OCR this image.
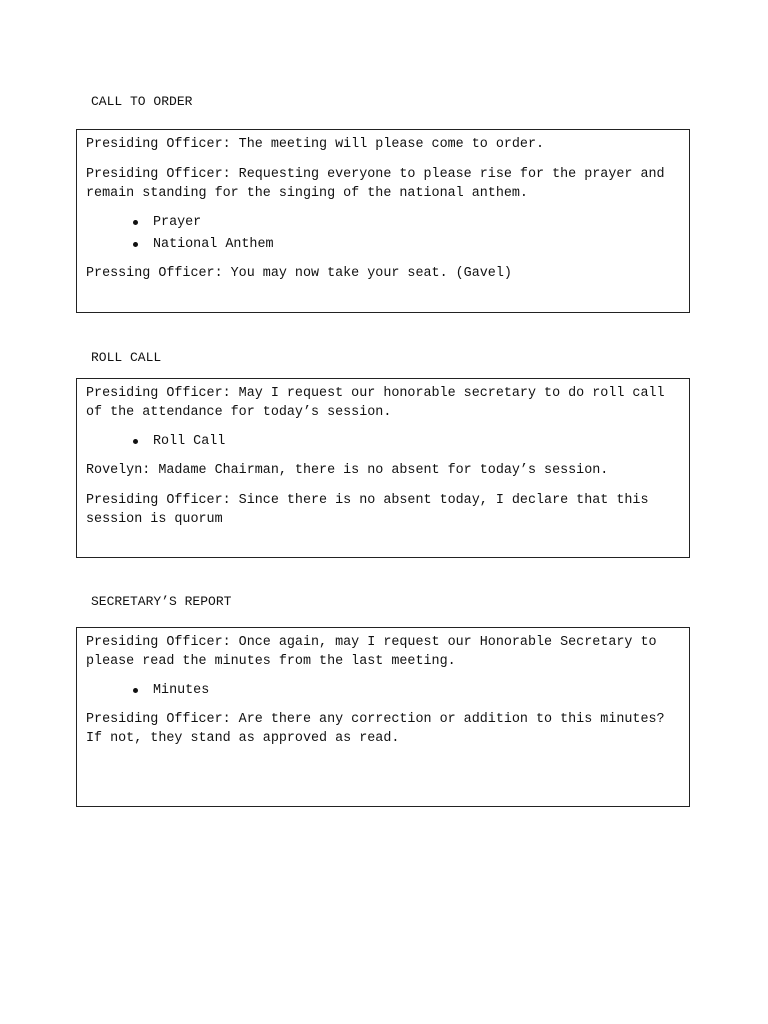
CALL TO ORDER

Presiding Officer: The meeting will please come to order.

Presiding Officer: Requesting everyone to please rise for the prayer and remain standing for the singing of the national anthem.

Prayer
National Anthem

Pressing Officer: You may now take your seat. (Gavel)

ROLL CALL

Presiding Officer: May I request our honorable secretary to do roll call of the attendance for today’s session.

Roll Call

Rovelyn: Madame Chairman, there is no absent for today’s session.

Presiding Officer: Since there is no absent today, I declare that this session is quorum

SECRETARY’S REPORT

Presiding Officer: Once again, may I request our Honorable Secretary to please read the minutes from the last meeting.

Minutes

Presiding Officer: Are there any correction or addition to this minutes? If not, they stand as approved as read.
